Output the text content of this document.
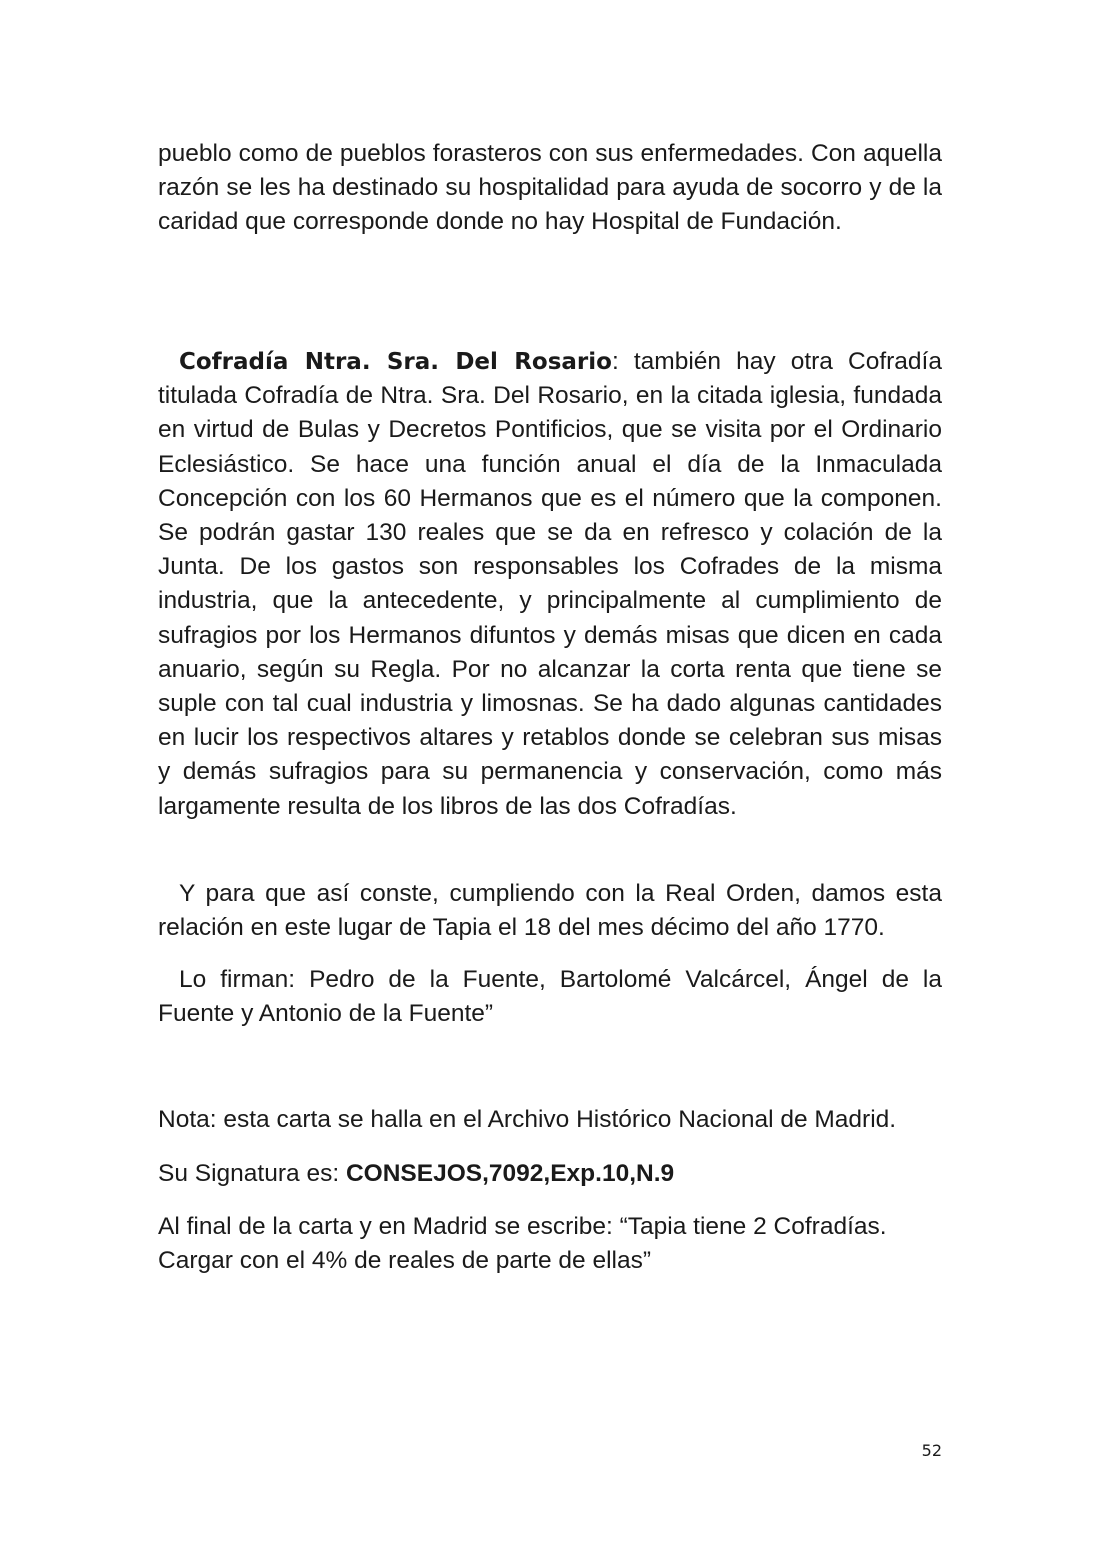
pueblo como de pueblos forasteros con sus enfermedades. Con aquella razón se les ha destinado su hospitalidad para ayuda de socorro y de la caridad que corresponde donde no hay Hospital de Fundación.

Cofradía Ntra. Sra. Del Rosario: también hay otra Cofradía titulada Cofradía de Ntra. Sra. Del Rosario, en la citada iglesia, fundada en virtud de Bulas y Decretos Pontificios, que se visita por el Ordinario Eclesiástico. Se hace una función anual el día de la Inmaculada Concepción con los 60 Hermanos que es el número que la componen. Se podrán gastar 130 reales que se da en refresco y colación de la Junta. De los gastos son responsables los Cofrades de la misma industria, que la antecedente, y principalmente al cumplimiento de sufragios por los Hermanos difuntos y demás misas que dicen en cada anuario, según su Regla. Por no alcanzar la corta renta que tiene se suple con tal cual industria y limosnas. Se ha dado algunas cantidades en lucir los respectivos altares y retablos donde se celebran sus misas y demás sufragios para su permanencia y conservación, como más largamente resulta de los libros de las dos Cofradías.

Y para que así conste, cumpliendo con la Real Orden, damos esta relación en este lugar de Tapia el 18 del mes décimo del año 1770.

Lo firman: Pedro de la Fuente, Bartolomé Valcárcel, Ángel de la Fuente y Antonio de la Fuente”

Nota: esta carta se halla en el Archivo Histórico Nacional de Madrid.

Su Signatura es: CONSEJOS,7092,Exp.10,N.9

Al final de la carta y en Madrid se escribe: “Tapia tiene 2 Cofradías. Cargar con el 4% de reales de parte de ellas”

52
